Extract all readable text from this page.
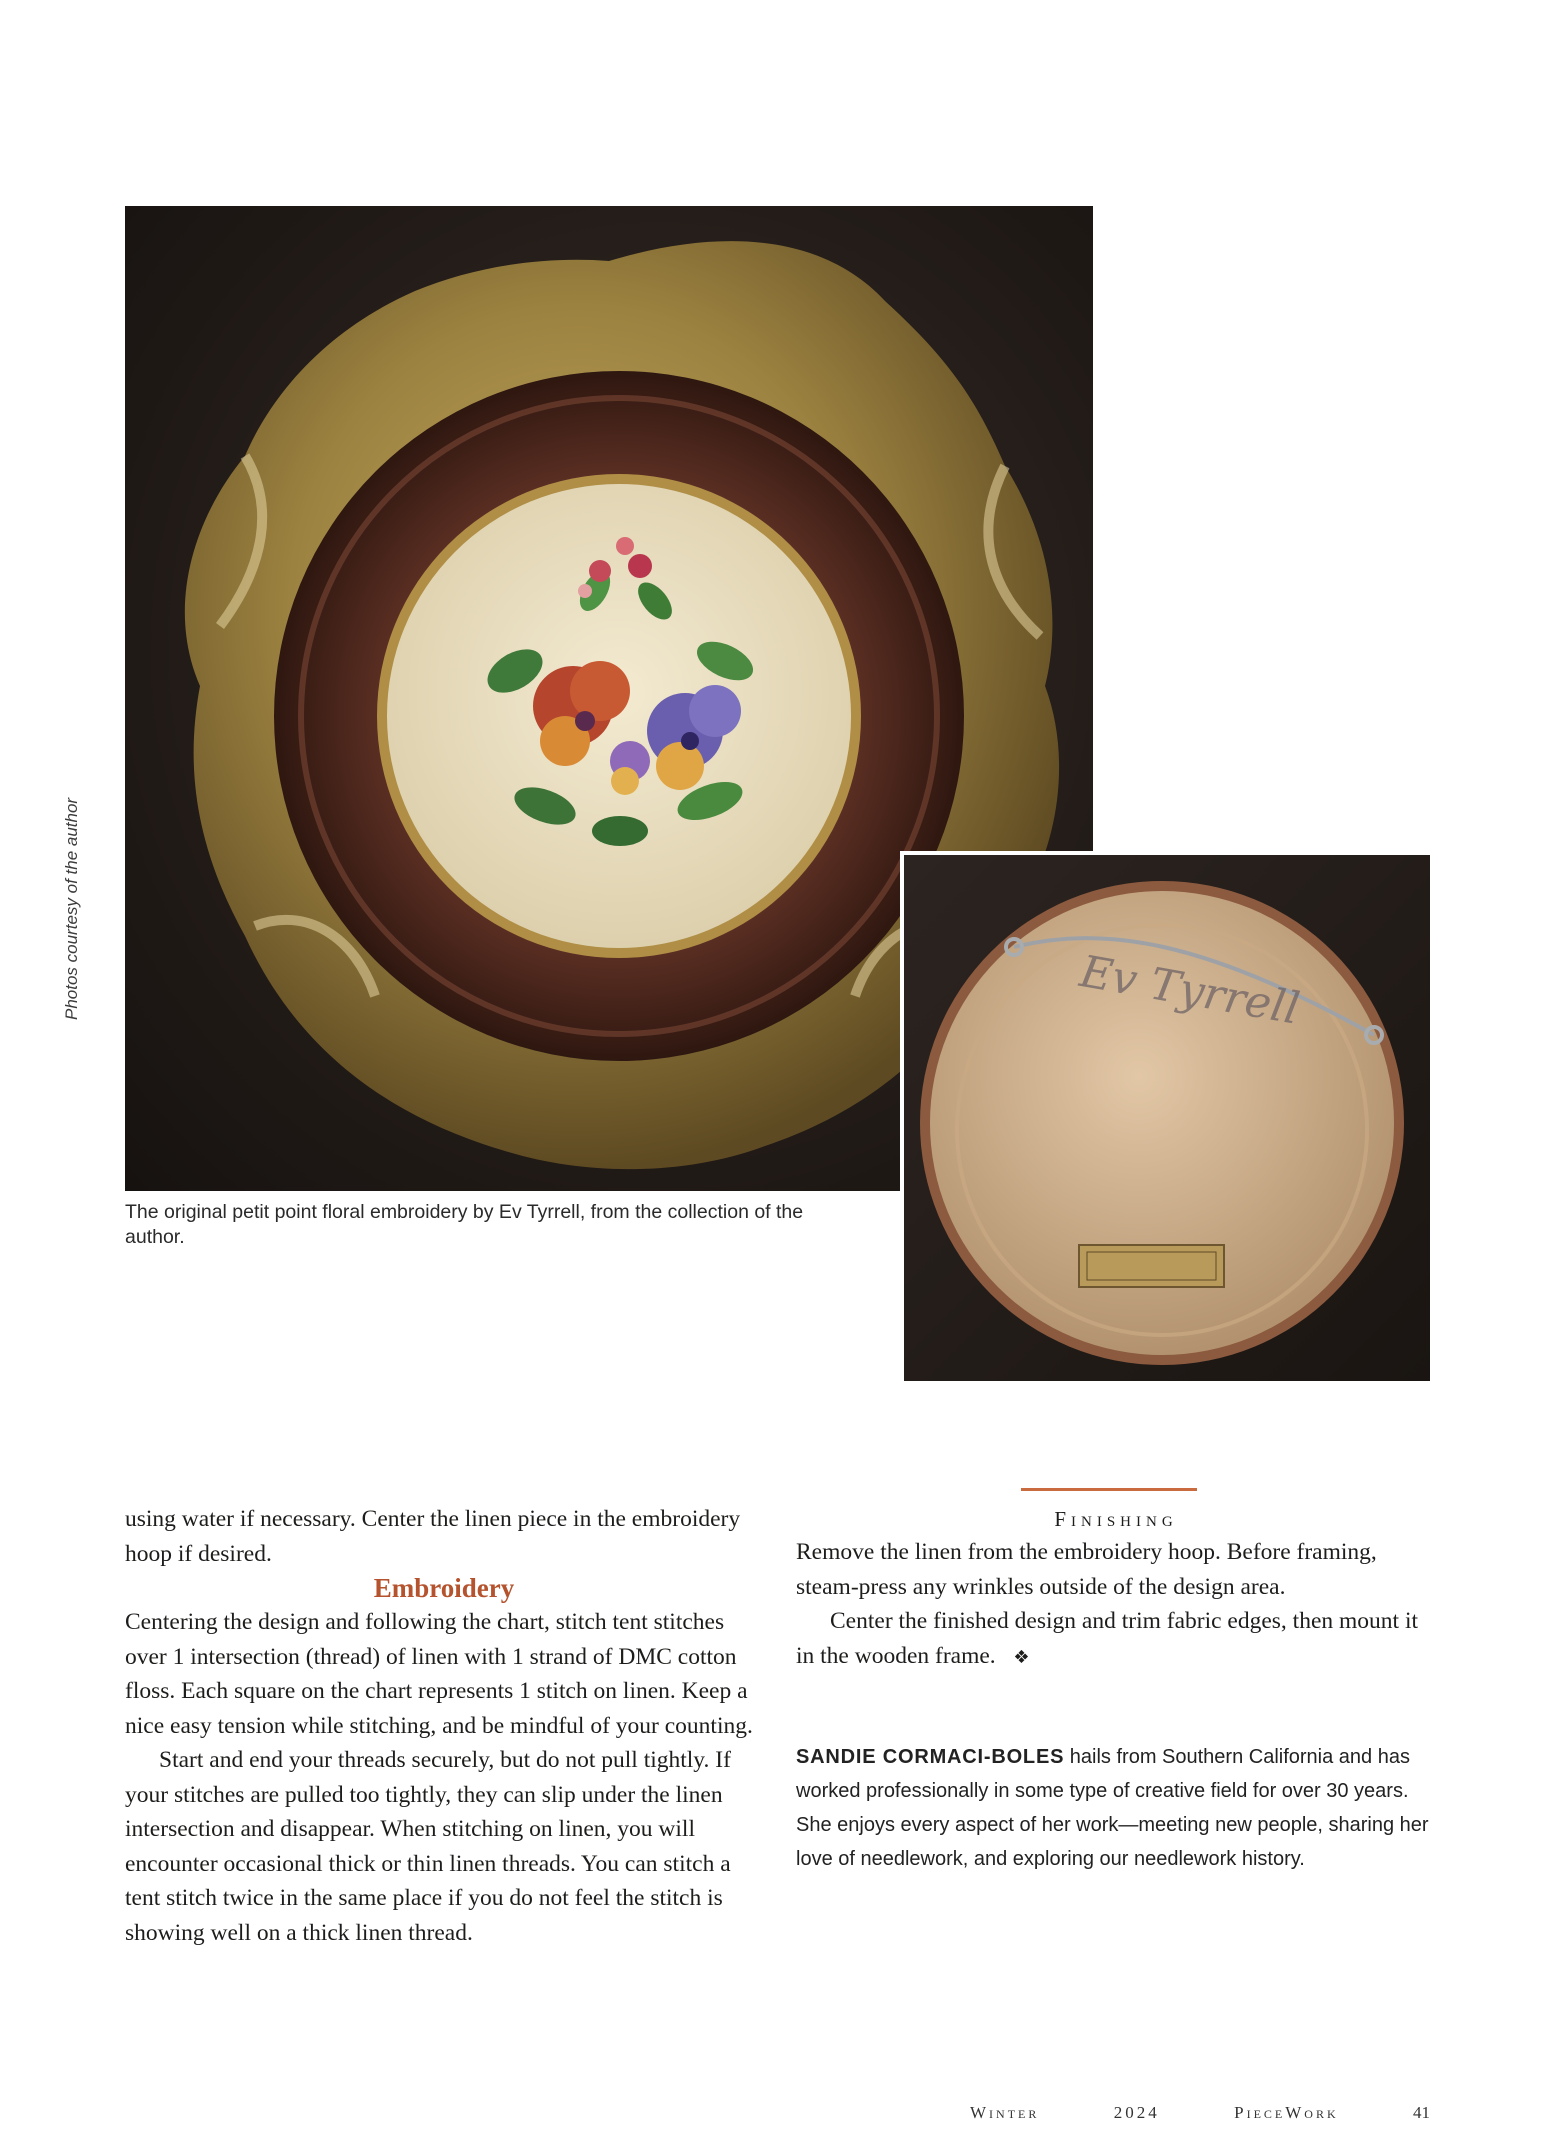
Ev Tyrrell
Photos courtesy of the author
The original petit point floral embroidery by Ev Tyrrell, from the collection of the author.

using water if necessary. Center the linen piece in the embroidery hoop if desired.

Embroidery

Centering the design and following the chart, stitch tent stitches over 1 intersection (thread) of linen with 1 strand of DMC cotton floss. Each square on the chart represents 1 stitch on linen. Keep a nice easy tension while stitching, and be mindful of your counting.

Start and end your threads securely, but do not pull tightly. If your stitches are pulled too tightly, they can slip under the linen intersection and disappear. When stitching on linen, you will encounter occasional thick or thin linen threads. You can stitch a tent stitch twice in the same place if you do not feel the stitch is showing well on a thick linen thread.

Finishing

Remove the linen from the embroidery hoop. Before framing, steam-press any wrinkles outside of the design area.

Center the finished design and trim fabric edges, then mount it in the wooden frame. ❖

SANDIE CORMACI-BOLES hails from Southern California and has worked professionally in some type of creative field for over 30 years. She enjoys every aspect of her work—meeting new people, sharing her love of needlework, and exploring our needlework history.
Winter	2024	PieceWork	41
